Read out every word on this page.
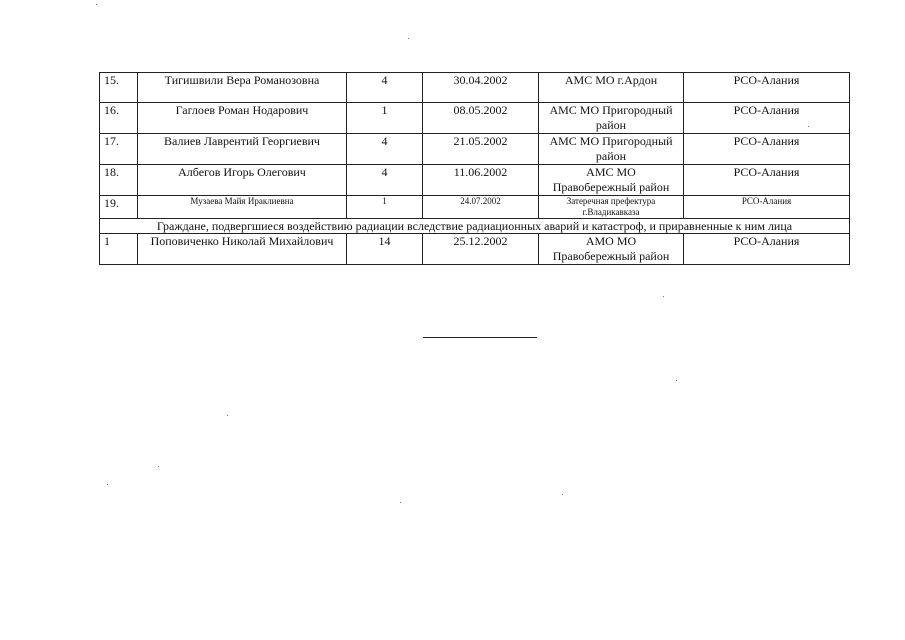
15.	Тигишвили Вера Романозовна	4	30.04.2002	АМС МО г.Ардон	РСО-Алания
16.	Гаглоев Роман Нодарович	1	08.05.2002	АМС МО Пригородный район	РСО-Алания
17.	Валиев Лаврентий Георгиевич	4	21.05.2002	АМС МО Пригородный район	РСО-Алания
18.	Албегов Игорь Олегович	4	11.06.2002	АМС МО Правобережный район	РСО-Алания
19.	Музаева Майя Ираклиевна	1	24.07.2002	Затеречная префектура г.Владикавказа	РСО-Алания
Граждане, подвергшиеся воздействию радиации вследствие радиационных аварий и катастроф, и приравненные к ним лица					
1	Поповиченко Николай Михайлович	14	25.12.2002	АМО МО Правобережный район	РСО-Алания
